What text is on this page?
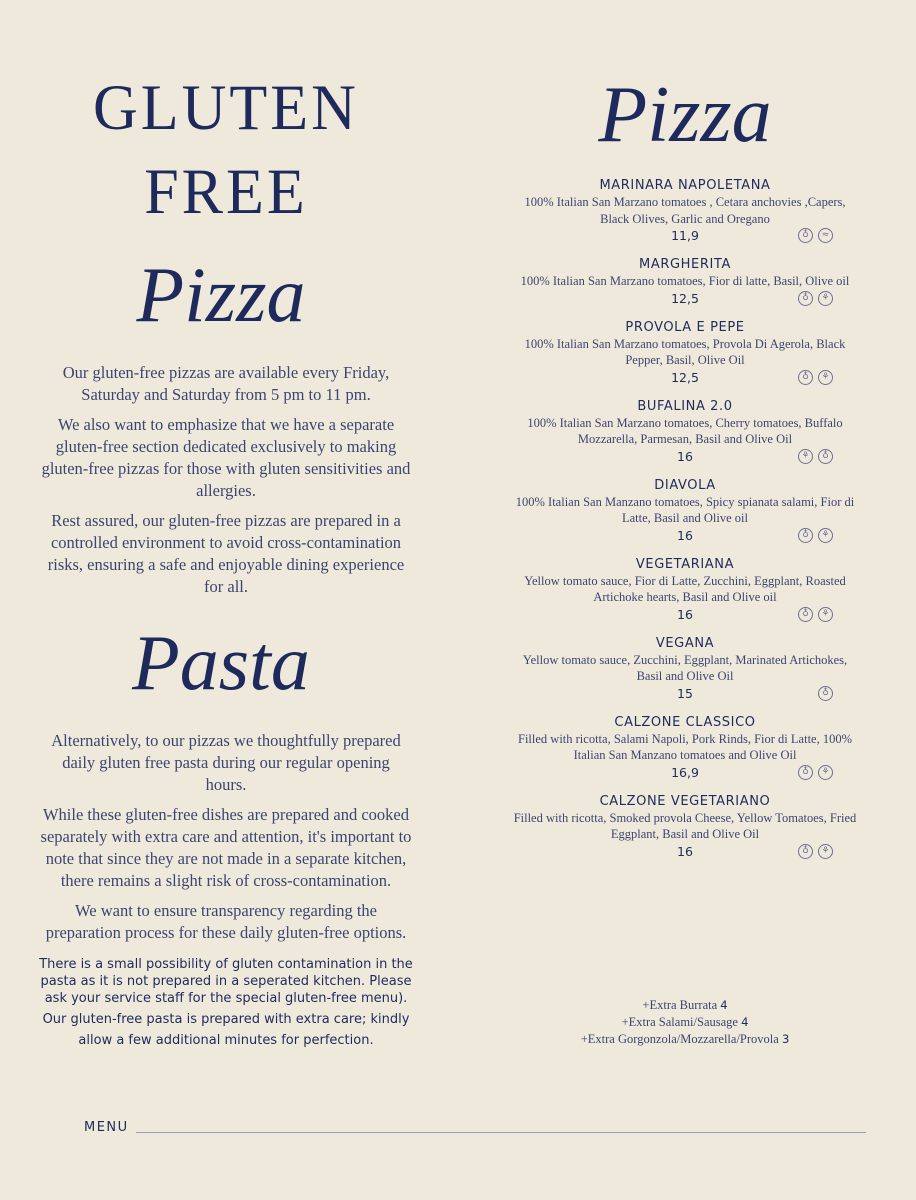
GLUTEN FREE
Pizza

Our gluten-free pizzas are available every Friday, Saturday and Saturday from 5 pm to 11 pm.

We also want to emphasize that we have a separate gluten-free section dedicated exclusively to making gluten-free pizzas for those with gluten sensitivities and allergies.

Rest assured, our gluten-free pizzas are prepared in a controlled environment to avoid cross-contamination risks, ensuring a safe and enjoyable dining experience for all.

Pasta

Alternatively, to our pizzas we thoughtfully prepared daily gluten free pasta during our regular opening hours.

While these gluten-free dishes are prepared and cooked separately with extra care and attention, it's important to note that since they are not made in a separate kitchen, there remains a slight risk of cross-contamination.

We want to ensure transparency regarding the preparation process for these daily gluten-free options.

There is a small possibility of gluten contamination in the pasta as it is not prepared in a seperated kitchen. Please ask your service staff for the special gluten-free menu).

Our gluten-free pasta is prepared with extra care; kindly allow a few additional minutes for perfection.

Pizza
MARINARA NAPOLETANA
100% Italian San Marzano tomatoes , Cetara anchovies ,Capers, Black Olives, Garlic and Oregano
11,9	♁	≈
MARGHERITA
100% Italian San Marzano tomatoes, Fior di latte, Basil, Olive oil
12,5	♁	⚘
PROVOLA E PEPE
100% Italian San Marzano tomatoes, Provola Di Agerola, Black Pepper, Basil, Olive Oil
12,5	♁	⚘
BUFALINA 2.0
100% Italian San Marzano tomatoes, Cherry tomatoes, Buffalo Mozzarella, Parmesan, Basil and Olive Oil
16	⚘	♁
DIAVOLA
100% Italian San Manzano tomatoes, Spicy spianata salami, Fior di Latte, Basil and Olive oil
16	♁	⚘
VEGETARIANA
Yellow tomato sauce, Fior di Latte, Zucchini, Eggplant, Roasted Artichoke hearts, Basil and Olive oil
16	♁	⚘
VEGANA
Yellow tomato sauce, Zucchini, Eggplant, Marinated Artichokes, Basil and Olive Oil
15	♁
CALZONE CLASSICO
Filled with ricotta, Salami Napoli, Pork Rinds, Fior di Latte, 100% Italian San Manzano tomatoes and Olive Oil
16,9	♁	⚘
CALZONE VEGETARIANO
Filled with ricotta, Smoked provola Cheese, Yellow Tomatoes, Fried Eggplant, Basil and Olive Oil
16	♁	⚘
+Extra Burrata 4
+Extra Salami/Sausage 4
+Extra Gorgonzola/Mozzarella/Provola 3
MENU
